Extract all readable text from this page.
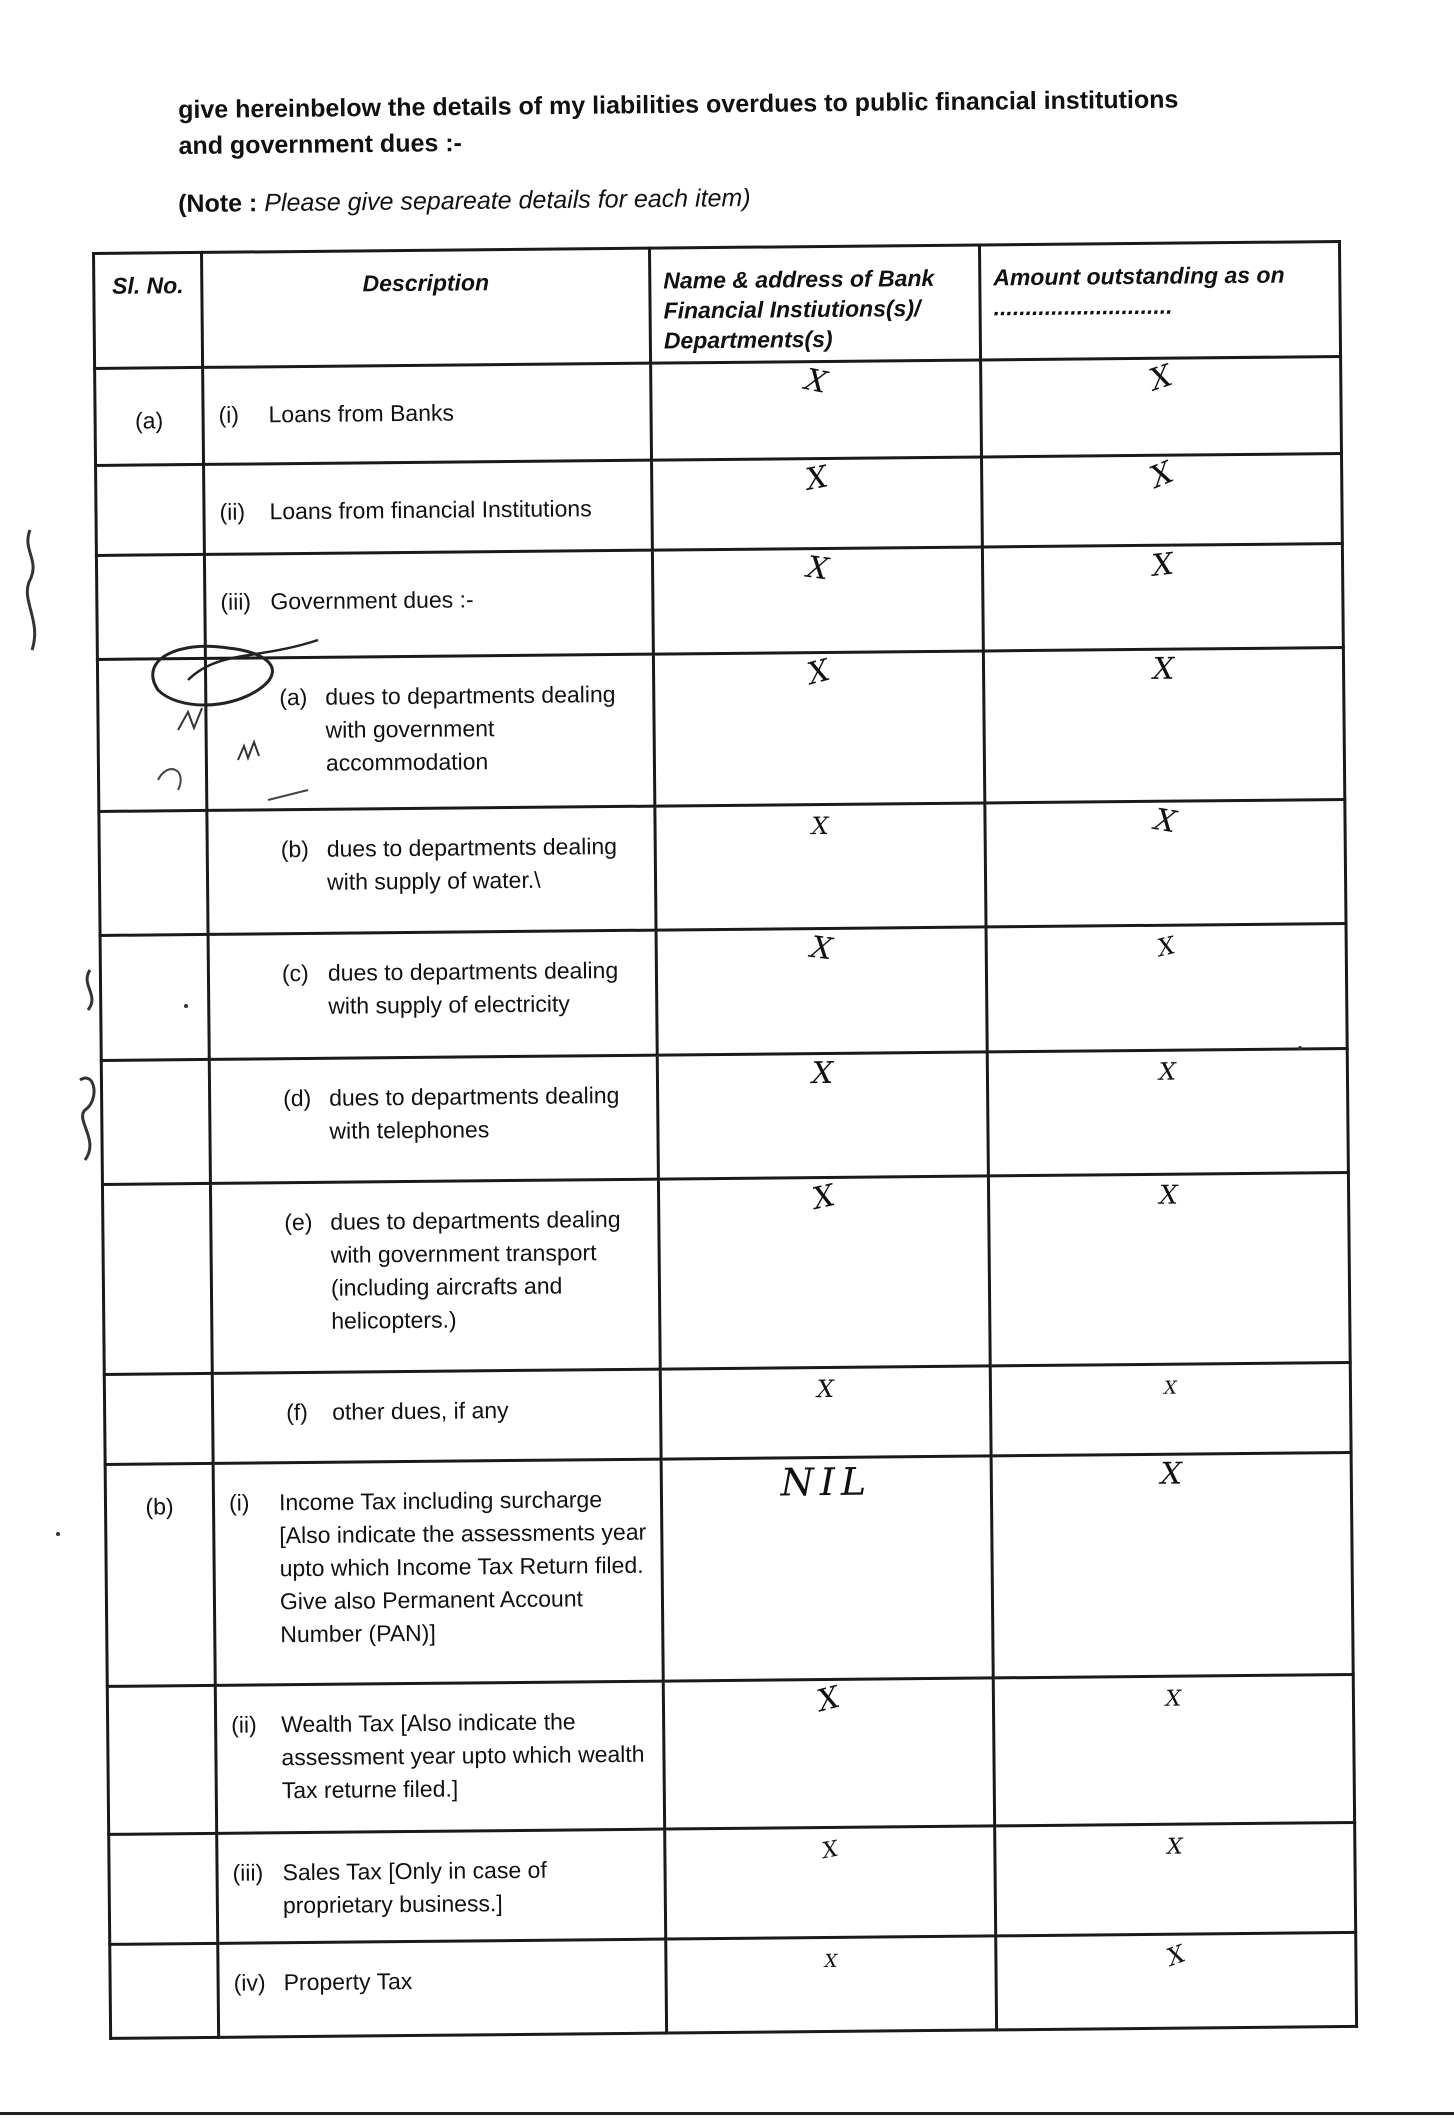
give hereinbelow the details of my liabilities overdues to public financial institutions
and government dues :-
(Note : Please give separeate details for each item)
Sl. No.	Description	Name & address of Bank Financial Instiutions(s)/ Departments(s)	Amount outstanding as on ............................
(a)	(i) Loans from Banks	X	X

	(ii) Loans from financial Institutions	X	X

	(iii) Government dues :-	X	X

	(a) dues to departments dealing with government accommodation	X	X

	(b) dues to departments dealing with supply of water.\	X	X

	(c) dues to departments dealing with supply of electricity	X	X

	(d) dues to departments dealing with telephones	X	X

	(e) dues to departments dealing with government transport (including aircrafts and helicopters.)	X	X

	(f) other dues, if any	X	X
(b)	(i) Income Tax including surcharge [Also indicate the assessments year upto which Income Tax Return filed. Give also Permanent Account Number (PAN)]	NIL	X

	(ii) Wealth Tax [Also indicate the assessment year upto which wealth Tax returne filed.]	X	X

	(iii) Sales Tax [Only in case of proprietary business.]	X	X

	(iv) Property Tax	X	X
